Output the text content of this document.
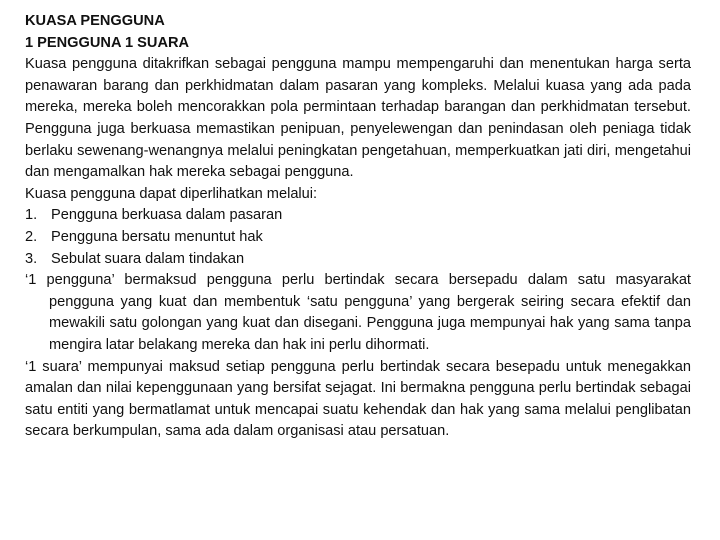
KUASA PENGGUNA

1 PENGGUNA 1 SUARA

Kuasa pengguna ditakrifkan sebagai pengguna mampu mempengaruhi dan menentukan harga serta penawaran barang dan perkhidmatan dalam pasaran yang kompleks. Melalui kuasa yang ada pada mereka, mereka boleh mencorakkan pola permintaan terhadap barangan dan perkhidmatan tersebut. Pengguna juga berkuasa memastikan penipuan, penyelewengan dan penindasan oleh peniaga tidak berlaku sewenang-wenangnya melalui peningkatan pengetahuan, memperkuatkan jati diri, mengetahui dan mengamalkan hak mereka sebagai pengguna.

Kuasa pengguna dapat diperlihatkan melalui:

1. Pengguna berkuasa dalam pasaran

2. Pengguna bersatu menuntut hak

3. Sebulat suara dalam tindakan

‘1 pengguna’ bermaksud pengguna perlu bertindak secara bersepadu dalam satu masyarakat pengguna yang kuat dan membentuk ‘satu pengguna’ yang bergerak seiring secara efektif dan mewakili satu golongan yang kuat dan disegani. Pengguna juga mempunyai hak yang sama tanpa mengira latar belakang mereka dan hak ini perlu dihormati.

‘1 suara’ mempunyai maksud setiap pengguna perlu bertindak secara besepadu untuk menegakkan amalan dan nilai kepenggunaan yang bersifat sejagat. Ini bermakna pengguna perlu bertindak sebagai satu entiti yang bermatlamat untuk mencapai suatu kehendak dan hak yang sama melalui penglibatan secara berkumpulan, sama ada dalam organisasi atau persatuan.
